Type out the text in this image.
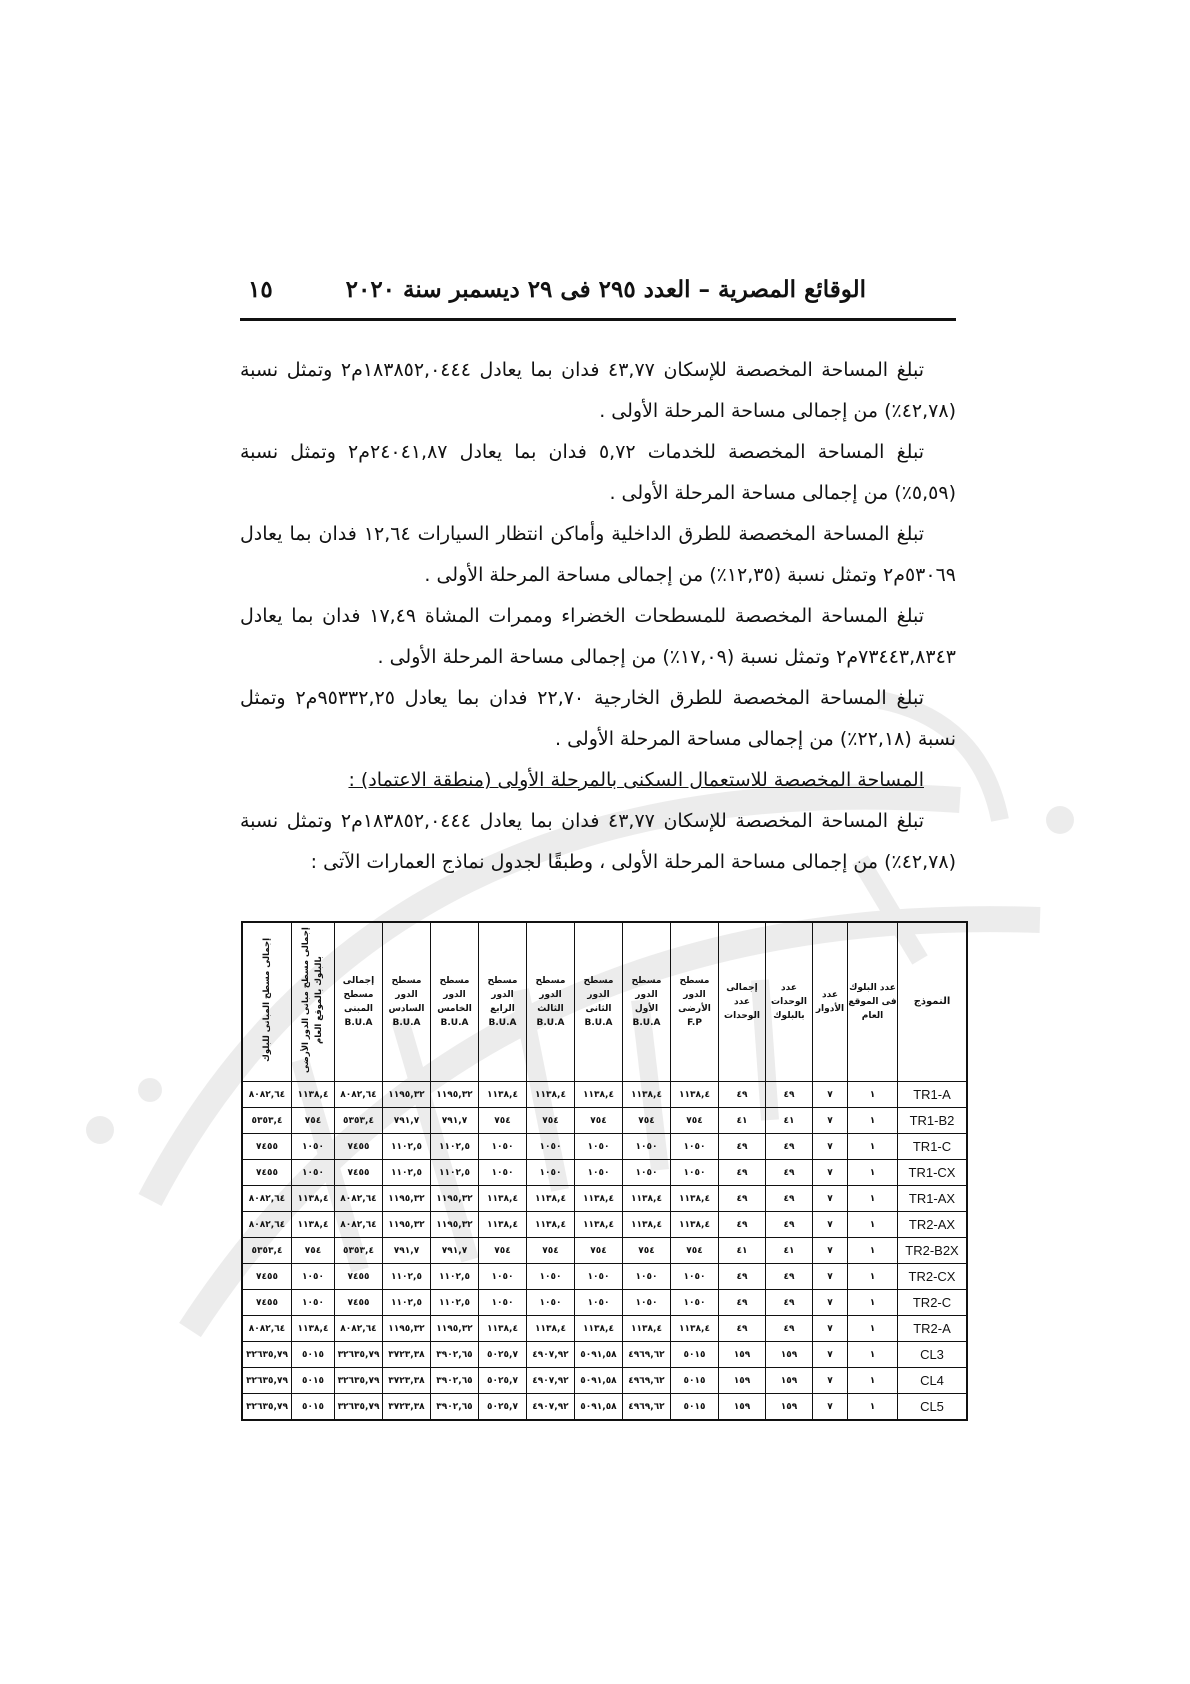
الوقائع المصرية – العدد ٢٩٥ فى ٢٩ ديسمبر سنة ٢٠٢٠
١٥

تبلغ المساحة المخصصة للإسكان ٤٣,٧٧ فدان بما يعادل ١٨٣٨٥٢,٠٤٤٤م٢ وتمثل نسبة (٤٢,٧٨٪) من إجمالى مساحة المرحلة الأولى .

تبلغ المساحة المخصصة للخدمات ٥,٧٢ فدان بما يعادل ٢٤٠٤١,٨٧م٢ وتمثل نسبة (٥,٥٩٪) من إجمالى مساحة المرحلة الأولى .

تبلغ المساحة المخصصة للطرق الداخلية وأماكن انتظار السيارات ١٢,٦٤ فدان بما يعادل ٥٣٠٦٩م٢ وتمثل نسبة (١٢,٣٥٪) من إجمالى مساحة المرحلة الأولى .

تبلغ المساحة المخصصة للمسطحات الخضراء وممرات المشاة ١٧,٤٩ فدان بما يعادل ٧٣٤٤٣,٨٣٤٣م٢ وتمثل نسبة (١٧,٠٩٪) من إجمالى مساحة المرحلة الأولى .

تبلغ المساحة المخصصة للطرق الخارجية ٢٢,٧٠ فدان بما يعادل ٩٥٣٣٢,٢٥م٢ وتمثل نسبة (٢٢,١٨٪) من إجمالى مساحة المرحلة الأولى .

المساحة المخصصة للاستعمال السكنى بالمرحلة الأولى (منطقة الاعتماد) :

تبلغ المساحة المخصصة للإسكان ٤٣,٧٧ فدان بما يعادل ١٨٣٨٥٢,٠٤٤٤م٢ وتمثل نسبة (٤٢,٧٨٪) من إجمالى مساحة المرحلة الأولى ، وطبقًا لجدول نماذج العمارات الآتى :

النموذج	عدد البلوك فى الموقع العام	عدد الأدوار	عدد الوحدات بالبلوك	إجمالى عدد الوحدات	مسطح الدور الأرضى F.P	مسطح الدور الأول B.U.A	مسطح الدور الثانى B.U.A	مسطح الدور الثالث B.U.A	مسطح الدور الرابع B.U.A	مسطح الدور الخامس B.U.A	مسطح الدور السادس B.U.A	إجمالى مسطح المبنى B.U.A	إجمالى مسطح مبانى الدور الأرضى بالبلوك بالموقع العام	إجمالى مسطح المبانى للبلوك
TR1-A	١	٧	٤٩	٤٩	١١٣٨,٤	١١٣٨,٤	١١٣٨,٤	١١٣٨,٤	١١٣٨,٤	١١٩٥,٣٢	١١٩٥,٣٢	٨٠٨٢,٦٤	١١٣٨,٤	٨٠٨٢,٦٤
TR1-B2	١	٧	٤١	٤١	٧٥٤	٧٥٤	٧٥٤	٧٥٤	٧٥٤	٧٩١,٧	٧٩١,٧	٥٣٥٣,٤	٧٥٤	٥٣٥٣,٤
TR1-C	١	٧	٤٩	٤٩	١٠٥٠	١٠٥٠	١٠٥٠	١٠٥٠	١٠٥٠	١١٠٢,٥	١١٠٢,٥	٧٤٥٥	١٠٥٠	٧٤٥٥
TR1-CX	١	٧	٤٩	٤٩	١٠٥٠	١٠٥٠	١٠٥٠	١٠٥٠	١٠٥٠	١١٠٢,٥	١١٠٢,٥	٧٤٥٥	١٠٥٠	٧٤٥٥
TR1-AX	١	٧	٤٩	٤٩	١١٣٨,٤	١١٣٨,٤	١١٣٨,٤	١١٣٨,٤	١١٣٨,٤	١١٩٥,٣٢	١١٩٥,٣٢	٨٠٨٢,٦٤	١١٣٨,٤	٨٠٨٢,٦٤
TR2-AX	١	٧	٤٩	٤٩	١١٣٨,٤	١١٣٨,٤	١١٣٨,٤	١١٣٨,٤	١١٣٨,٤	١١٩٥,٣٢	١١٩٥,٣٢	٨٠٨٢,٦٤	١١٣٨,٤	٨٠٨٢,٦٤
TR2-B2X	١	٧	٤١	٤١	٧٥٤	٧٥٤	٧٥٤	٧٥٤	٧٥٤	٧٩١,٧	٧٩١,٧	٥٣٥٣,٤	٧٥٤	٥٣٥٣,٤
TR2-CX	١	٧	٤٩	٤٩	١٠٥٠	١٠٥٠	١٠٥٠	١٠٥٠	١٠٥٠	١١٠٢,٥	١١٠٢,٥	٧٤٥٥	١٠٥٠	٧٤٥٥
TR2-C	١	٧	٤٩	٤٩	١٠٥٠	١٠٥٠	١٠٥٠	١٠٥٠	١٠٥٠	١١٠٢,٥	١١٠٢,٥	٧٤٥٥	١٠٥٠	٧٤٥٥
TR2-A	١	٧	٤٩	٤٩	١١٣٨,٤	١١٣٨,٤	١١٣٨,٤	١١٣٨,٤	١١٣٨,٤	١١٩٥,٣٢	١١٩٥,٣٢	٨٠٨٢,٦٤	١١٣٨,٤	٨٠٨٢,٦٤
CL3	١	٧	١٥٩	١٥٩	٥٠١٥	٤٩٦٩,٦٢	٥٠٩١,٥٨	٤٩٠٧,٩٢	٥٠٢٥,٧	٣٩٠٢,٦٥	٣٧٢٣,٣٨	٣٢٦٣٥,٧٩	٥٠١٥	٣٢٦٣٥,٧٩
CL4	١	٧	١٥٩	١٥٩	٥٠١٥	٤٩٦٩,٦٢	٥٠٩١,٥٨	٤٩٠٧,٩٢	٥٠٢٥,٧	٣٩٠٢,٦٥	٣٧٢٣,٣٨	٣٢٦٣٥,٧٩	٥٠١٥	٣٢٦٣٥,٧٩
CL5	١	٧	١٥٩	١٥٩	٥٠١٥	٤٩٦٩,٦٢	٥٠٩١,٥٨	٤٩٠٧,٩٢	٥٠٢٥,٧	٣٩٠٢,٦٥	٣٧٢٣,٣٨	٣٢٦٣٥,٧٩	٥٠١٥	٣٢٦٣٥,٧٩
